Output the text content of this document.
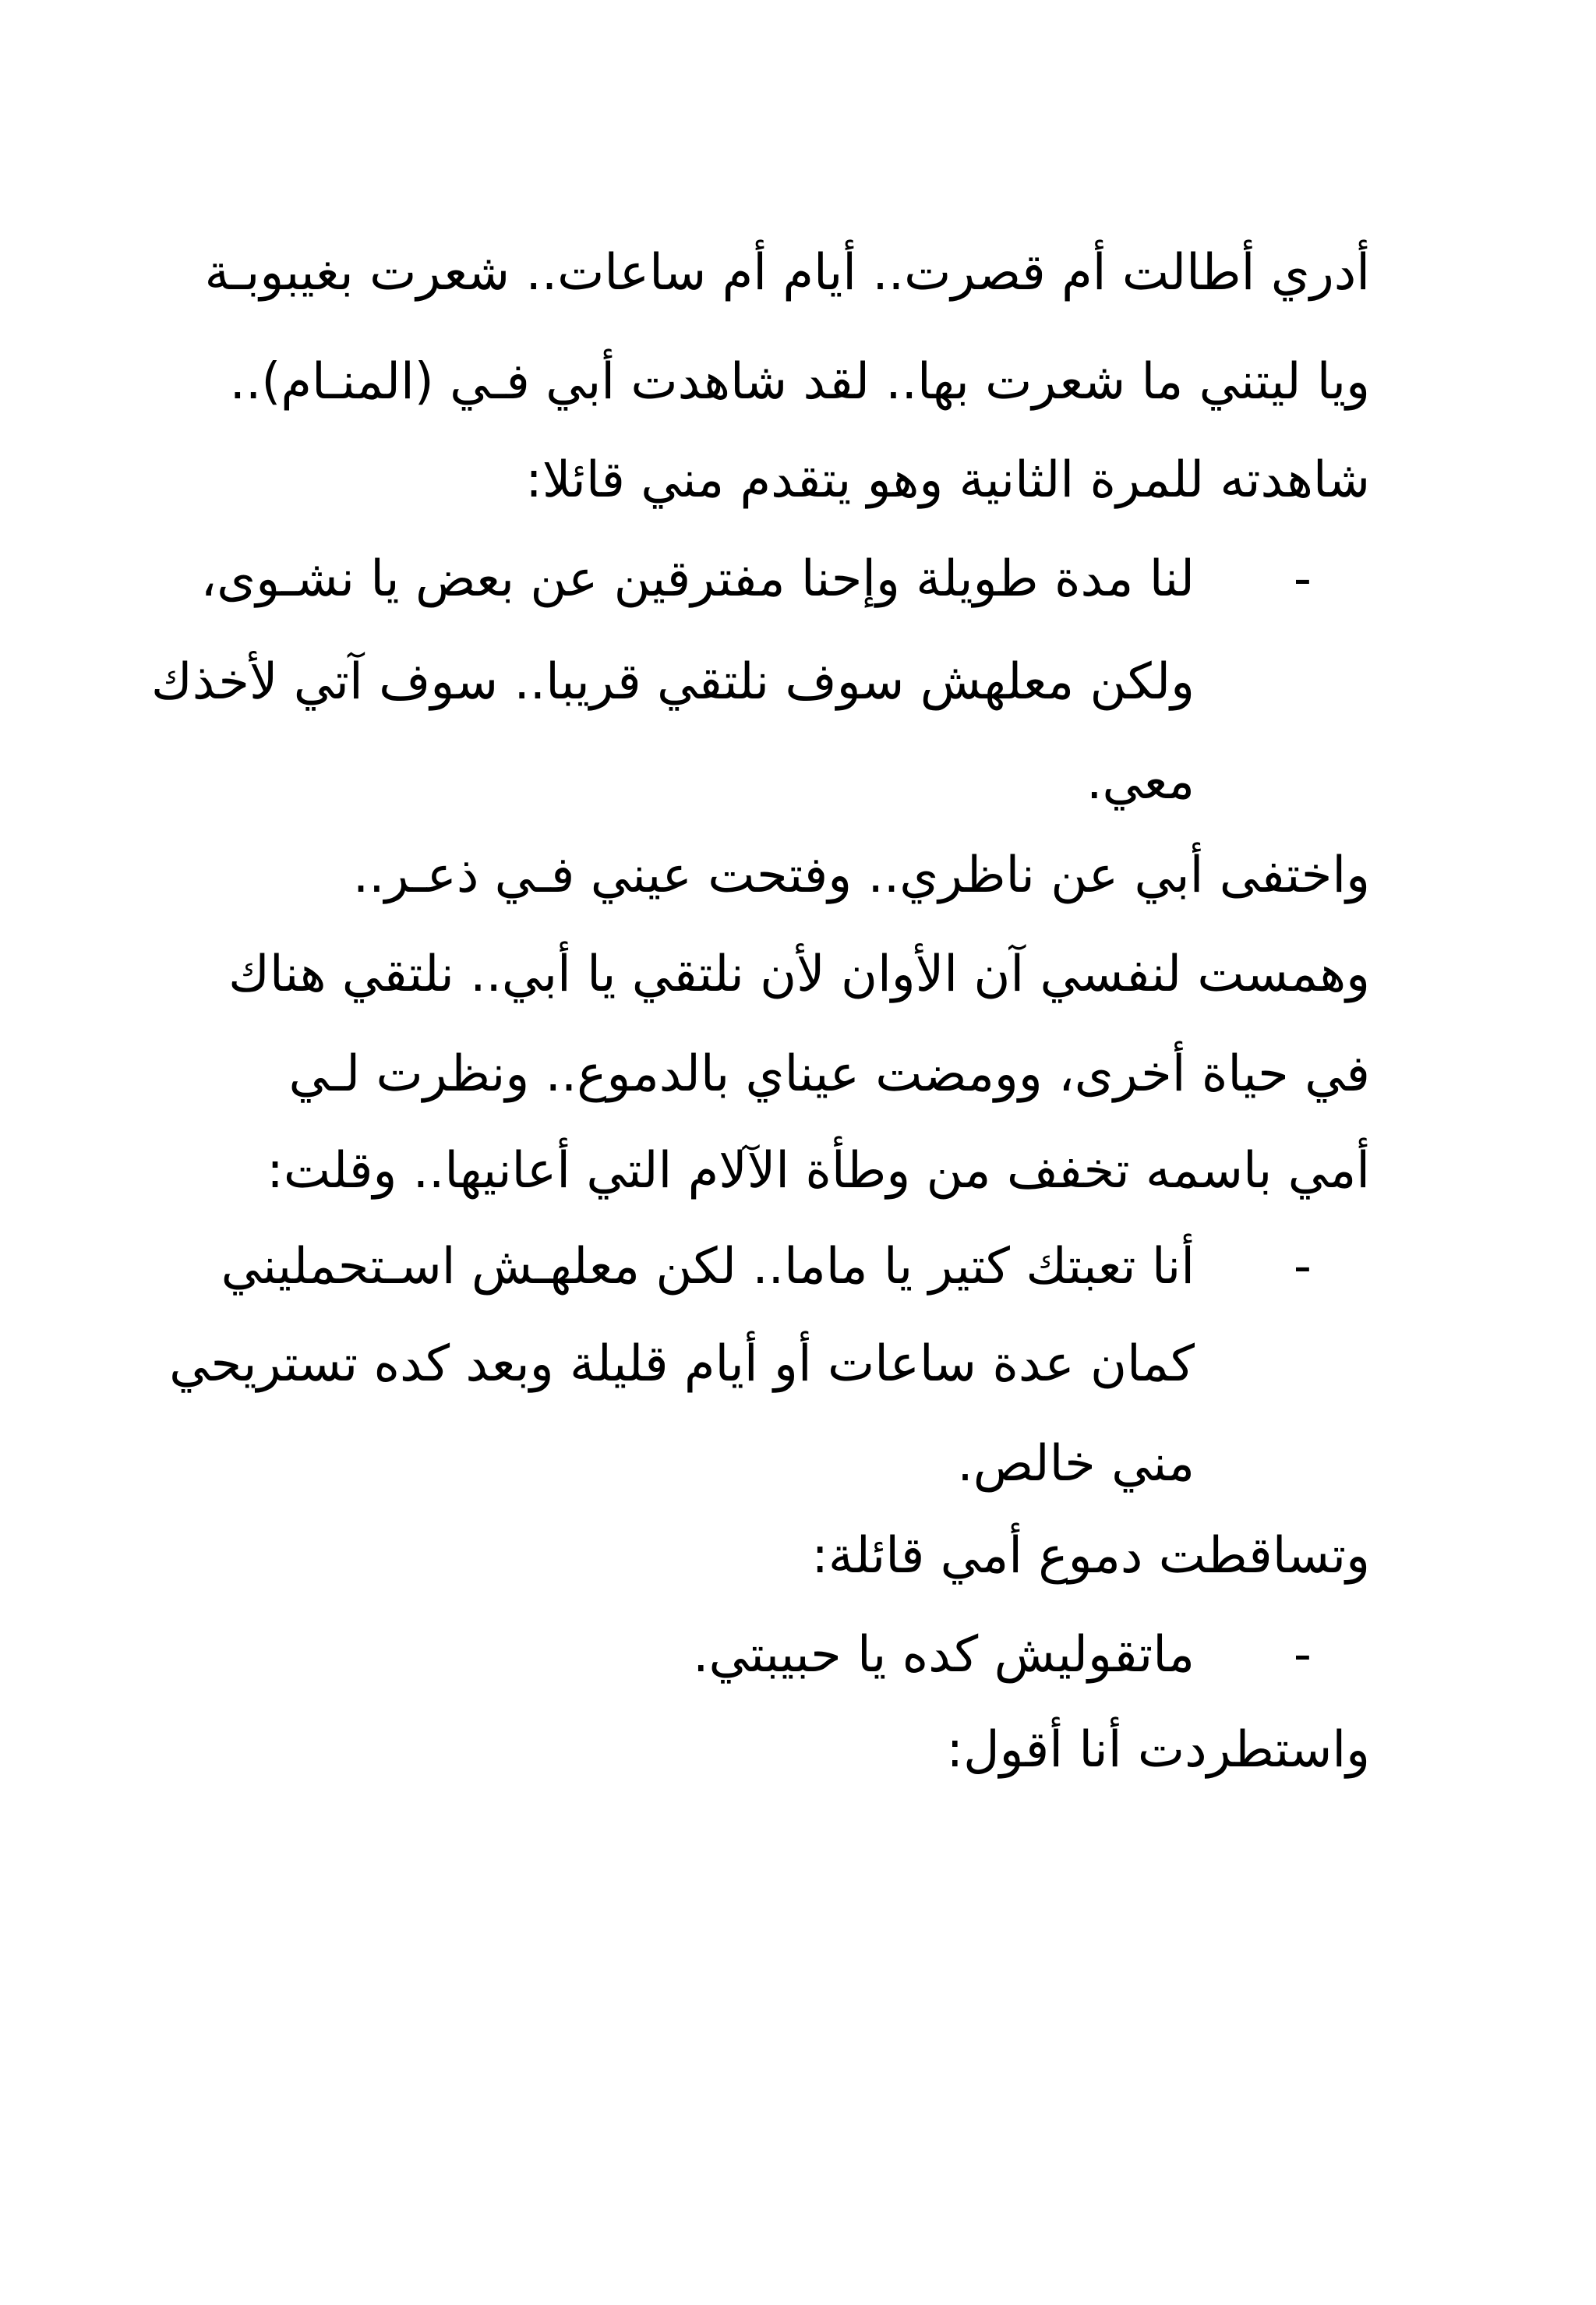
أدري أطالت أم قصرت.. أيام أم ساعات.. شعرت بغيبوبـة
ويا ليتني ما شعرت بها.. لقد شاهدت أبي فـي (المنـام)..
شاهدته للمرة الثانية وهو يتقدم مني قائلا:
-
لنا مدة طويلة وإحنا مفترقين عن بعض يا نشـوى،
ولكن معلهش سوف نلتقي قريبا.. سوف آتي لأخذك
معي.
واختفى أبي عن ناظري.. وفتحت عيني فـي ذعـر..
وهمست لنفسي آن الأوان لأن نلتقي يا أبي.. نلتقي هناك
في حياة أخرى، وومضت عيناي بالدموع.. ونظرت لـي
أمي باسمه تخفف من وطأة الآلام التي أعانيها.. وقلت:
-
أنا تعبتك كتير يا ماما.. لكن معلهـش اسـتحمليني
كمان عدة ساعات أو أيام قليلة وبعد كده تستريحي
مني خالص.
وتساقطت دموع أمي قائلة:
-
ماتقوليش كده يا حبيبتي.
واستطردت أنا أقول:
